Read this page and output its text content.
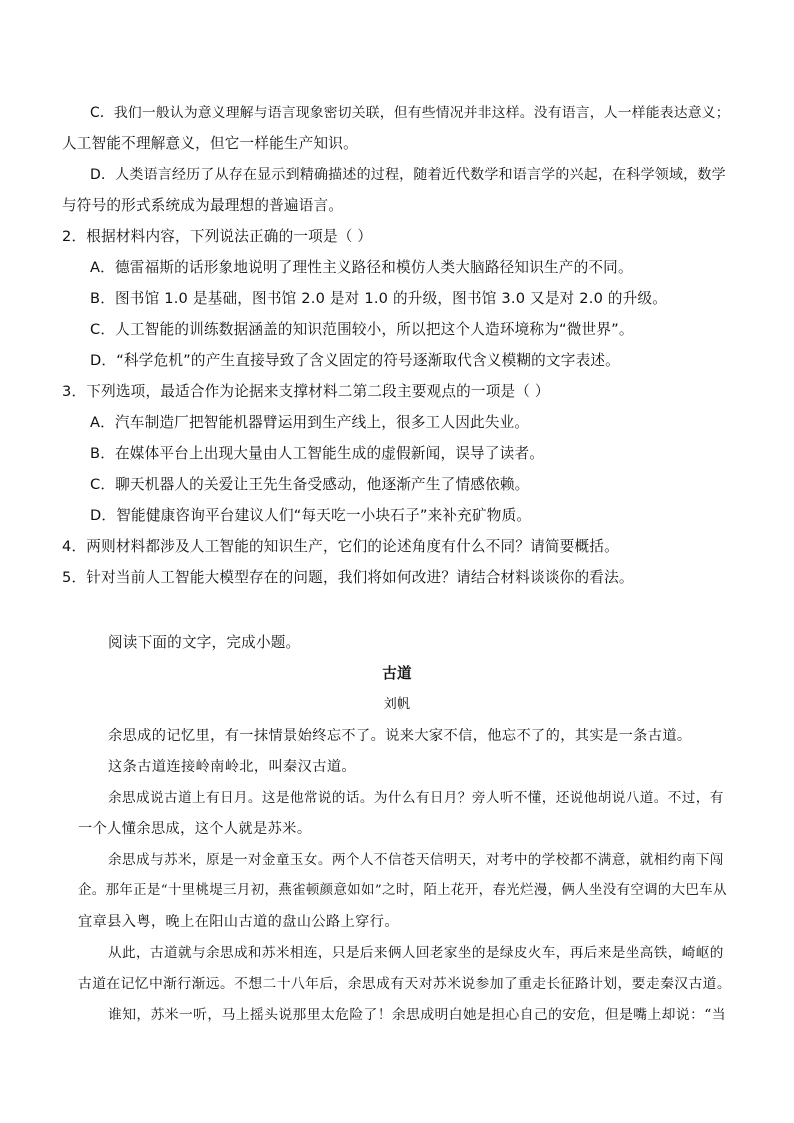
C．我们一般认为意义理解与语言现象密切关联，但有些情况并非这样。没有语言，人一样能表达意义；
人工智能不理解意义，但它一样能生产知识。
D．人类语言经历了从存在显示到精确描述的过程，随着近代数学和语言学的兴起，在科学领域，数学
与符号的形式系统成为最理想的普遍语言。
2．根据材料内容，下列说法正确的一项是（ ）
A．德雷福斯的话形象地说明了理性主义路径和模仿人类大脑路径知识生产的不同。
B．图书馆 1.0 是基础，图书馆 2.0 是对 1.0 的升级，图书馆 3.0 又是对 2.0 的升级。
C．人工智能的训练数据涵盖的知识范围较小，所以把这个人造环境称为“微世界”。
D．“科学危机”的产生直接导致了含义固定的符号逐渐取代含义模糊的文字表述。
3．下列选项，最适合作为论据来支撑材料二第二段主要观点的一项是（ ）
A．汽车制造厂把智能机器臂运用到生产线上，很多工人因此失业。
B．在媒体平台上出现大量由人工智能生成的虚假新闻，误导了读者。
C．聊天机器人的关爱让王先生备受感动，他逐渐产生了情感依赖。
D．智能健康咨询平台建议人们“每天吃一小块石子”来补充矿物质。
4．两则材料都涉及人工智能的知识生产，它们的论述角度有什么不同？请简要概括。
5．针对当前人工智能大模型存在的问题，我们将如何改进？请结合材料谈谈你的看法。
阅读下面的文字，完成小题。
古道
刘帆
余思成的记忆里，有一抹情景始终忘不了。说来大家不信，他忘不了的，其实是一条古道。
这条古道连接岭南岭北，叫秦汉古道。
余思成说古道上有日月。这是他常说的话。为什么有日月？旁人听不懂，还说他胡说八道。不过，有
一个人懂余思成，这个人就是苏米。
余思成与苏米，原是一对金童玉女。两个人不信苍天信明天，对考中的学校都不满意，就相约南下闯
企。那年正是“十里桃堤三月初，燕雀顿颜意如如”之时，陌上花开，春光烂漫，俩人坐没有空调的大巴车从
宜章县入粤，晚上在阳山古道的盘山公路上穿行。
从此，古道就与余思成和苏米相连，只是后来俩人回老家坐的是绿皮火车，再后来是坐高铁，崎岖的
古道在记忆中渐行渐远。不想二十八年后，余思成有天对苏米说参加了重走长征路计划，要走秦汉古道。
谁知，苏米一听，马上摇头说那里太危险了！余思成明白她是担心自己的安危，但是嘴上却说：“当
